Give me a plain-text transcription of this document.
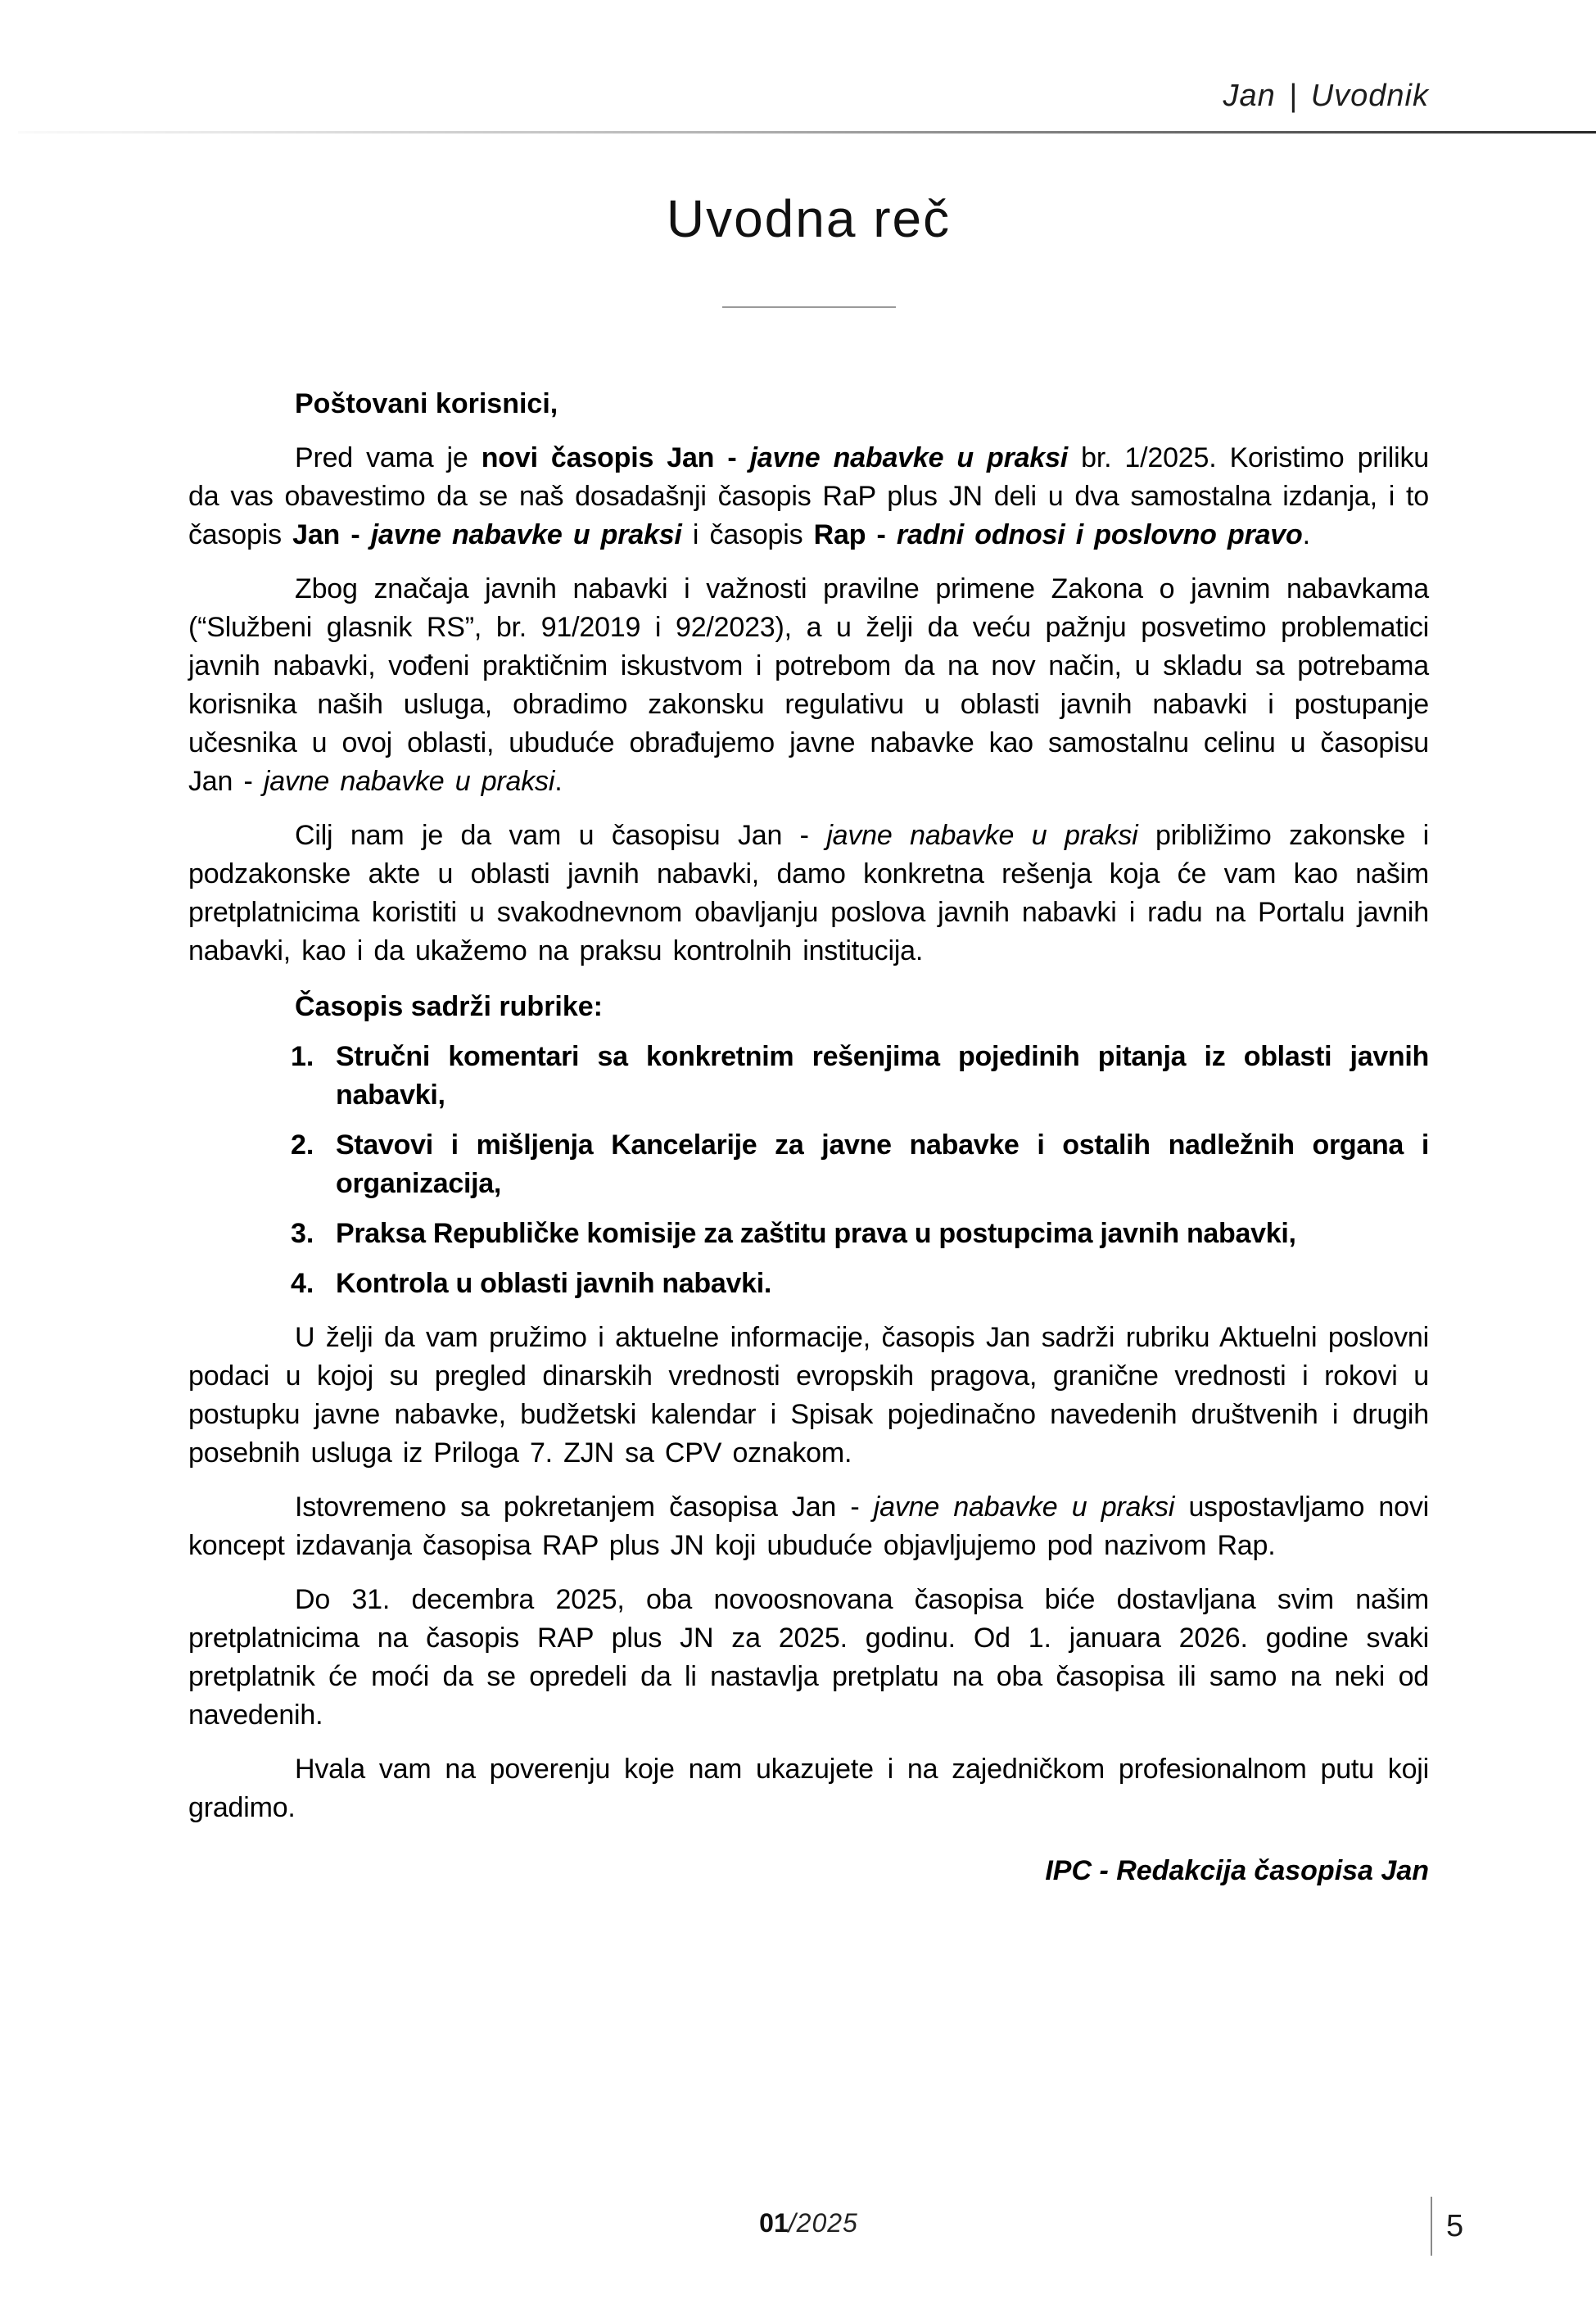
Jan | Uvodnik
Uvodna reč

Poštovani korisnici,

Pred vama je novi časopis Jan - javne nabavke u praksi br. 1/2025. Koristimo priliku da vas obavestimo da se naš dosadašnji časopis RaP plus JN deli u dva samostalna izdanja, i to časopis Jan - javne nabavke u praksi i časopis Rap - radni odnosi i poslovno pravo.

Zbog značaja javnih nabavki i važnosti pravilne primene Zakona o javnim nabavkama (“Službeni glasnik RS”, br. 91/2019 i 92/2023), a u želji da veću pažnju posvetimo problematici javnih nabavki, vođeni praktičnim iskustvom i potrebom da na nov način, u skladu sa potrebama korisnika naših usluga, obradimo zakonsku regulativu u oblasti javnih nabavki i postupanje učesnika u ovoj oblasti, ubuduće obrađujemo javne nabavke kao samostalnu celinu u časopisu Jan - javne nabavke u praksi.

Cilj nam je da vam u časopisu Jan - javne nabavke u praksi približimo zakonske i podzakonske akte u oblasti javnih nabavki, damo konkretna rešenja koja će vam kao našim pretplatnicima koristiti u svakodnevnom obavljanju poslova javnih nabavki i radu na Portalu javnih nabavki, kao i da ukažemo na praksu kontrolnih institucija.

Časopis sadrži rubrike:

1. Stručni komentari sa konkretnim rešenjima pojedinih pitanja iz oblasti javnih nabavki,
2. Stavovi i mišljenja Kancelarije za javne nabavke i ostalih nadležnih organa i organizacija,
3. Praksa Republičke komisije za zaštitu prava u postupcima javnih nabavki,
4. Kontrola u oblasti javnih nabavki.

U želji da vam pružimo i aktuelne informacije, časopis Jan sadrži rubriku Aktuelni poslovni podaci u kojoj su pregled dinarskih vrednosti evropskih pragova, granične vrednosti i rokovi u postupku javne nabavke, budžetski kalendar i Spisak pojedinačno navedenih društvenih i drugih posebnih usluga iz Priloga 7. ZJN sa CPV oznakom.

Istovremeno sa pokretanjem časopisa Jan - javne nabavke u praksi uspostavljamo novi koncept izdavanja časopisa RAP plus JN koji ubuduće objavljujemo pod nazivom Rap.

Do 31. decembra 2025, oba novoosnovana časopisa biće dostavljana svim našim pretplatnicima na časopis RAP plus JN za 2025. godinu. Od 1. januara 2026. godine svaki pretplatnik će moći da se opredeli da li nastavlja pretplatu na oba časopisa ili samo na neki od navedenih.

Hvala vam na poverenju koje nam ukazujete i na zajedničkom profesionalnom putu koji gradimo.

IPC - Redakcija časopisa Jan

01/2025	5
